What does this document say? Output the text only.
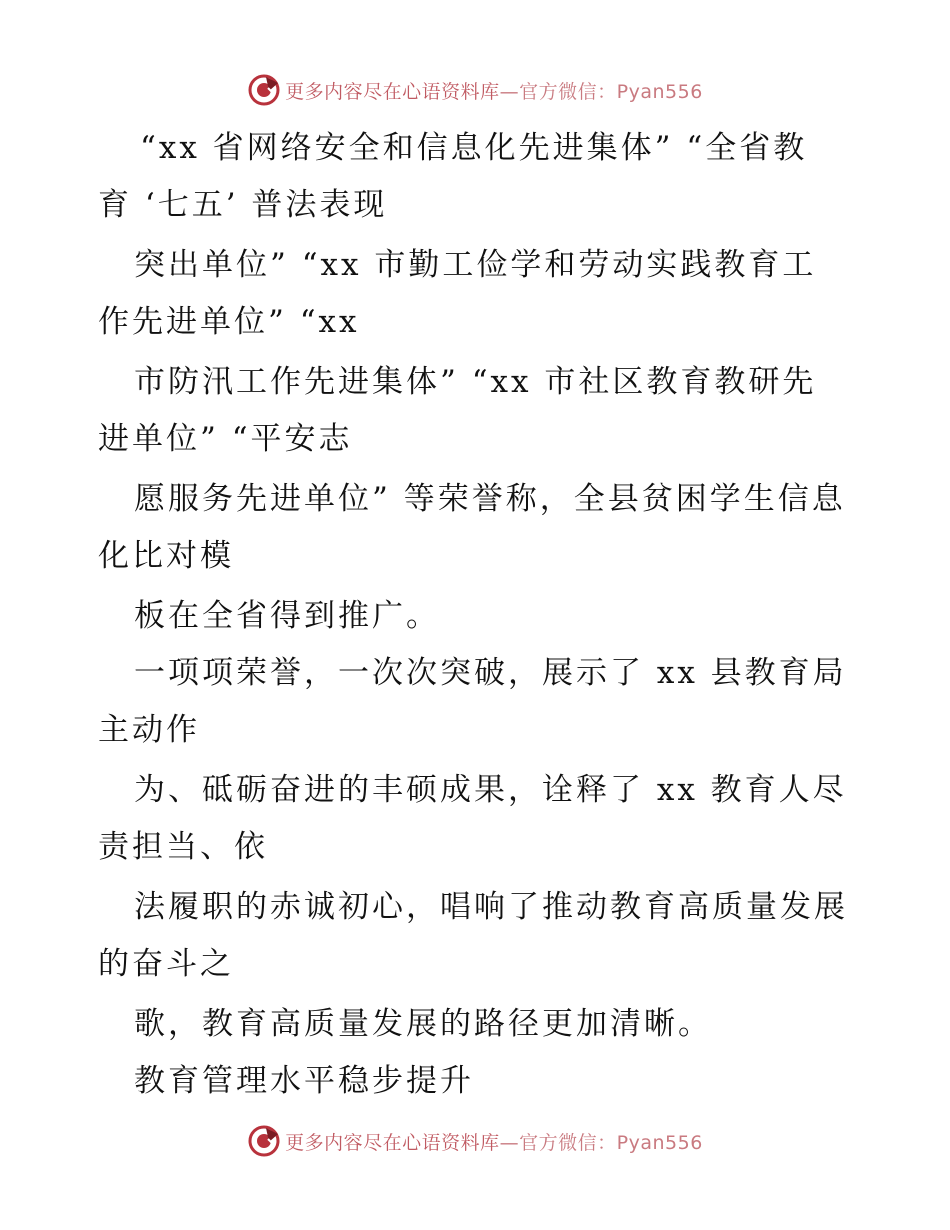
更多内容尽在心语资料库—官方微信：Pyan556
“xx 省网络安全和信息化先进集体” “全省教
育 ‘七五’ 普法表现
突出单位” “xx 市勤工俭学和劳动实践教育工
作先进单位” “xx
市防汛工作先进集体” “xx 市社区教育教研先
进单位” “平安志
愿服务先进单位” 等荣誉称，全县贫困学生信息
化比对模
板在全省得到推广。
一项项荣誉，一次次突破，展示了 xx 县教育局
主动作
为、砥砺奋进的丰硕成果，诠释了 xx 教育人尽
责担当、依
法履职的赤诚初心，唱响了推动教育高质量发展
的奋斗之
歌，教育高质量发展的路径更加清晰。
教育管理水平稳步提升
更多内容尽在心语资料库—官方微信：Pyan556
